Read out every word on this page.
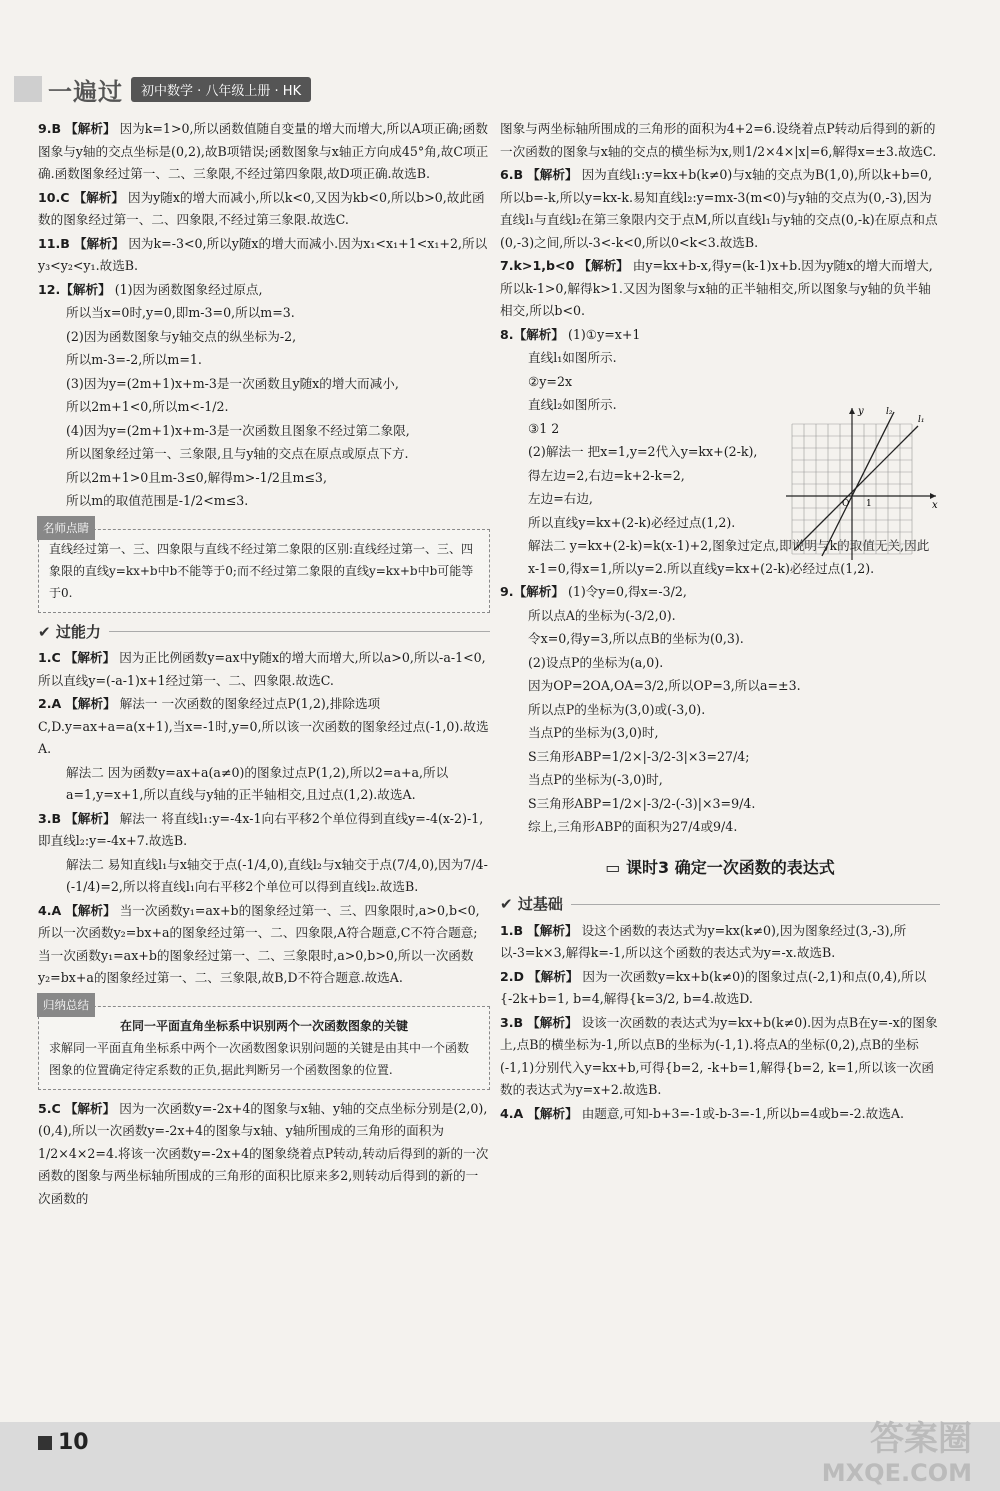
一遍过	初中数学 · 八年级上册 · HK

9.B 【解析】 因为k=1>0,所以函数值随自变量的增大而增大,所以A项正确;函数图象与y轴的交点坐标是(0,2),故B项错误;函数图象与x轴正方向成45°角,故C项正确.函数图象经过第一、二、三象限,不经过第四象限,故D项正确.故选B.

10.C 【解析】 因为y随x的增大而减小,所以k<0,又因为kb<0,所以b>0,故此函数的图象经过第一、二、四象限,不经过第三象限.故选C.

11.B 【解析】 因为k=-3<0,所以y随x的增大而减小.因为x₁<x₁+1<x₁+2,所以y₃<y₂<y₁.故选B.

12.【解析】 (1)因为函数图象经过原点,

所以当x=0时,y=0,即m-3=0,所以m=3.

(2)因为函数图象与y轴交点的纵坐标为-2,

所以m-3=-2,所以m=1.

(3)因为y=(2m+1)x+m-3是一次函数且y随x的增大而减小,

所以2m+1<0,所以m<-1/2.

(4)因为y=(2m+1)x+m-3是一次函数且图象不经过第二象限,

所以图象经过第一、三象限,且与y轴的交点在原点或原点下方.

所以2m+1>0且m-3≤0,解得m>-1/2且m≤3,

所以m的取值范围是-1/2<m≤3.

名师点睛
直线经过第一、三、四象限与直线不经过第二象限的区别:直线经过第一、三、四象限的直线y=kx+b中b不能等于0;而不经过第二象限的直线y=kx+b中b可能等于0.
✔
过能力

1.C 【解析】 因为正比例函数y=ax中y随x的增大而增大,所以a>0,所以-a-1<0,所以直线y=(-a-1)x+1经过第一、二、四象限.故选C.

2.A 【解析】 解法一 一次函数的图象经过点P(1,2),排除选项C,D.y=ax+a=a(x+1),当x=-1时,y=0,所以该一次函数的图象经过点(-1,0).故选A.

解法二 因为函数y=ax+a(a≠0)的图象过点P(1,2),所以2=a+a,所以a=1,y=x+1,所以直线与y轴的正半轴相交,且过点(1,2).故选A.

3.B 【解析】 解法一 将直线l₁:y=-4x-1向右平移2个单位得到直线y=-4(x-2)-1,即直线l₂:y=-4x+7.故选B.

解法二 易知直线l₁与x轴交于点(-1/4,0),直线l₂与x轴交于点(7/4,0),因为7/4-(-1/4)=2,所以将直线l₁向右平移2个单位可以得到直线l₂.故选B.

4.A 【解析】 当一次函数y₁=ax+b的图象经过第一、三、四象限时,a>0,b<0,所以一次函数y₂=bx+a的图象经过第一、二、四象限,A符合题意,C不符合题意;当一次函数y₁=ax+b的图象经过第一、二、三象限时,a>0,b>0,所以一次函数y₂=bx+a的图象经过第一、二、三象限,故B,D不符合题意.故选A.

归纳总结
在同一平面直角坐标系中识别两个一次函数图象的关键
求解同一平面直角坐标系中两个一次函数图象识别问题的关键是由其中一个函数图象的位置确定待定系数的正负,据此判断另一个函数图象的位置.

5.C 【解析】 因为一次函数y=-2x+4的图象与x轴、y轴的交点坐标分别是(2,0),(0,4),所以一次函数y=-2x+4的图象与x轴、y轴所围成的三角形的面积为1/2×4×2=4.将该一次函数y=-2x+4的图象绕着点P转动,转动后得到的新的一次函数的图象与两坐标轴所围成的三角形的面积比原来多2,则转动后得到的新的一次函数的

图象与两坐标轴所围成的三角形的面积为4+2=6.设绕着点P转动后得到的新的一次函数的图象与x轴的交点的横坐标为x,则1/2×4×|x|=6,解得x=±3.故选C.

6.B 【解析】 因为直线l₁:y=kx+b(k≠0)与x轴的交点为B(1,0),所以k+b=0,所以b=-k,所以y=kx-k.易知直线l₂:y=mx-3(m<0)与y轴的交点为(0,-3),因为直线l₁与直线l₂在第三象限内交于点M,所以直线l₁与y轴的交点(0,-k)在原点和点(0,-3)之间,所以-3<-k<0,所以0<k<3.故选B.

7.k>1,b<0 【解析】 由y=kx+b-x,得y=(k-1)x+b.因为y随x的增大而增大,所以k-1>0,解得k>1.又因为图象与x轴的正半轴相交,所以图象与y轴的负半轴相交,所以b<0.

8.【解析】 (1)①y=x+1

直线l₁如图所示.

②y=2x

直线l₂如图所示.

③1 2

(2)解法一 把x=1,y=2代入y=kx+(2-k),

得左边=2,右边=k+2-k=2,

左边=右边,

所以直线y=kx+(2-k)必经过点(1,2).

解法二 y=kx+(2-k)=k(x-1)+2,图象过定点,即说明与k的取值无关,因此x-1=0,得x=1,所以y=2.所以直线y=kx+(2-k)必经过点(1,2).

9.【解析】 (1)令y=0,得x=-3/2,

所以点A的坐标为(-3/2,0).

令x=0,得y=3,所以点B的坐标为(0,3).

(2)设点P的坐标为(a,0).

因为OP=2OA,OA=3/2,所以OP=3,所以a=±3.

所以点P的坐标为(3,0)或(-3,0).

当点P的坐标为(3,0)时,

S三角形ABP=1/2×|-3/2-3|×3=27/4;

当点P的坐标为(-3,0)时,

S三角形ABP=1/2×|-3/2-(-3)|×3=9/4.

综上,三角形ABP的面积为27/4或9/4.

▭ 课时3 确定一次函数的表达式
✔
过基础

1.B 【解析】 设这个函数的表达式为y=kx(k≠0),因为图象经过(3,-3),所以-3=k×3,解得k=-1,所以这个函数的表达式为y=-x.故选B.

2.D 【解析】 因为一次函数y=kx+b(k≠0)的图象过点(-2,1)和点(0,4),所以{-2k+b=1, b=4,解得{k=3/2, b=4.故选D.

3.B 【解析】 设该一次函数的表达式为y=kx+b(k≠0).因为点B在y=-x的图象上,点B的横坐标为-1,所以点B的坐标为(-1,1).将点A的坐标(0,2),点B的坐标(-1,1)分别代入y=kx+b,可得{b=2, -k+b=1,解得{b=2, k=1,所以该一次函数的表达式为y=x+2.故选B.

4.A 【解析】 由题意,可知-b+3=-1或-b-3=-1,所以b=4或b=-2.故选A.

x
y
O 1
l₁
l₂
10	答案圈
MXQE.COM
